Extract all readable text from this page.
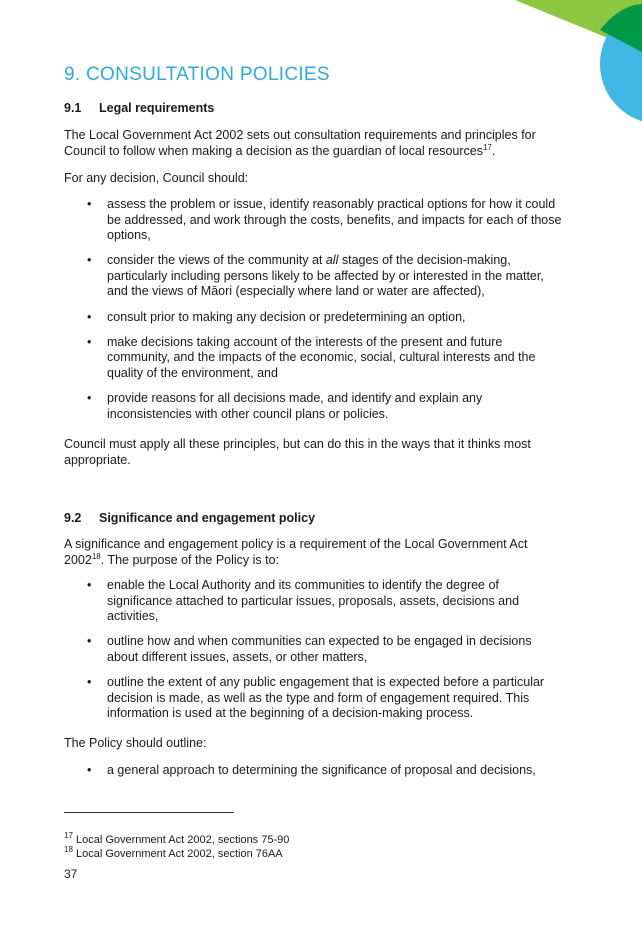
9. CONSULTATION POLICIES
9.1 Legal requirements

The Local Government Act 2002 sets out consultation requirements and principles for Council to follow when making a decision as the guardian of local resources$^{17}$.

For any decision, Council should:

• assess the problem or issue, identify reasonably practical options for how it could be addressed, and work through the costs, benefits, and impacts for each of those options,
• consider the views of the community at all stages of the decision-making, particularly including persons likely to be affected by or interested in the matter, and the views of Māori (especially where land or water are affected),
• consult prior to making any decision or predetermining an option,
• make decisions taking account of the interests of the present and future community, and the impacts of the economic, social, cultural interests and the quality of the environment, and
• provide reasons for all decisions made, and identify and explain any inconsistencies with other council plans or policies.

Council must apply all these principles, but can do this in the ways that it thinks most appropriate.

9.2 Significance and engagement policy

A significance and engagement policy is a requirement of the Local Government Act 2002$^{18}$. The purpose of the Policy is to:

• enable the Local Authority and its communities to identify the degree of significance attached to particular issues, proposals, assets, decisions and activities,
• outline how and when communities can expected to be engaged in decisions about different issues, assets, or other matters,
• outline the extent of any public engagement that is expected before a particular decision is made, as well as the type and form of engagement required. This information is used at the beginning of a decision-making process.

The Policy should outline:

• a general approach to determining the significance of proposal and decisions,
$^{17}$ Local Government Act 2002, sections 75-90
$^{18}$ Local Government Act 2002, section 76AA
37
